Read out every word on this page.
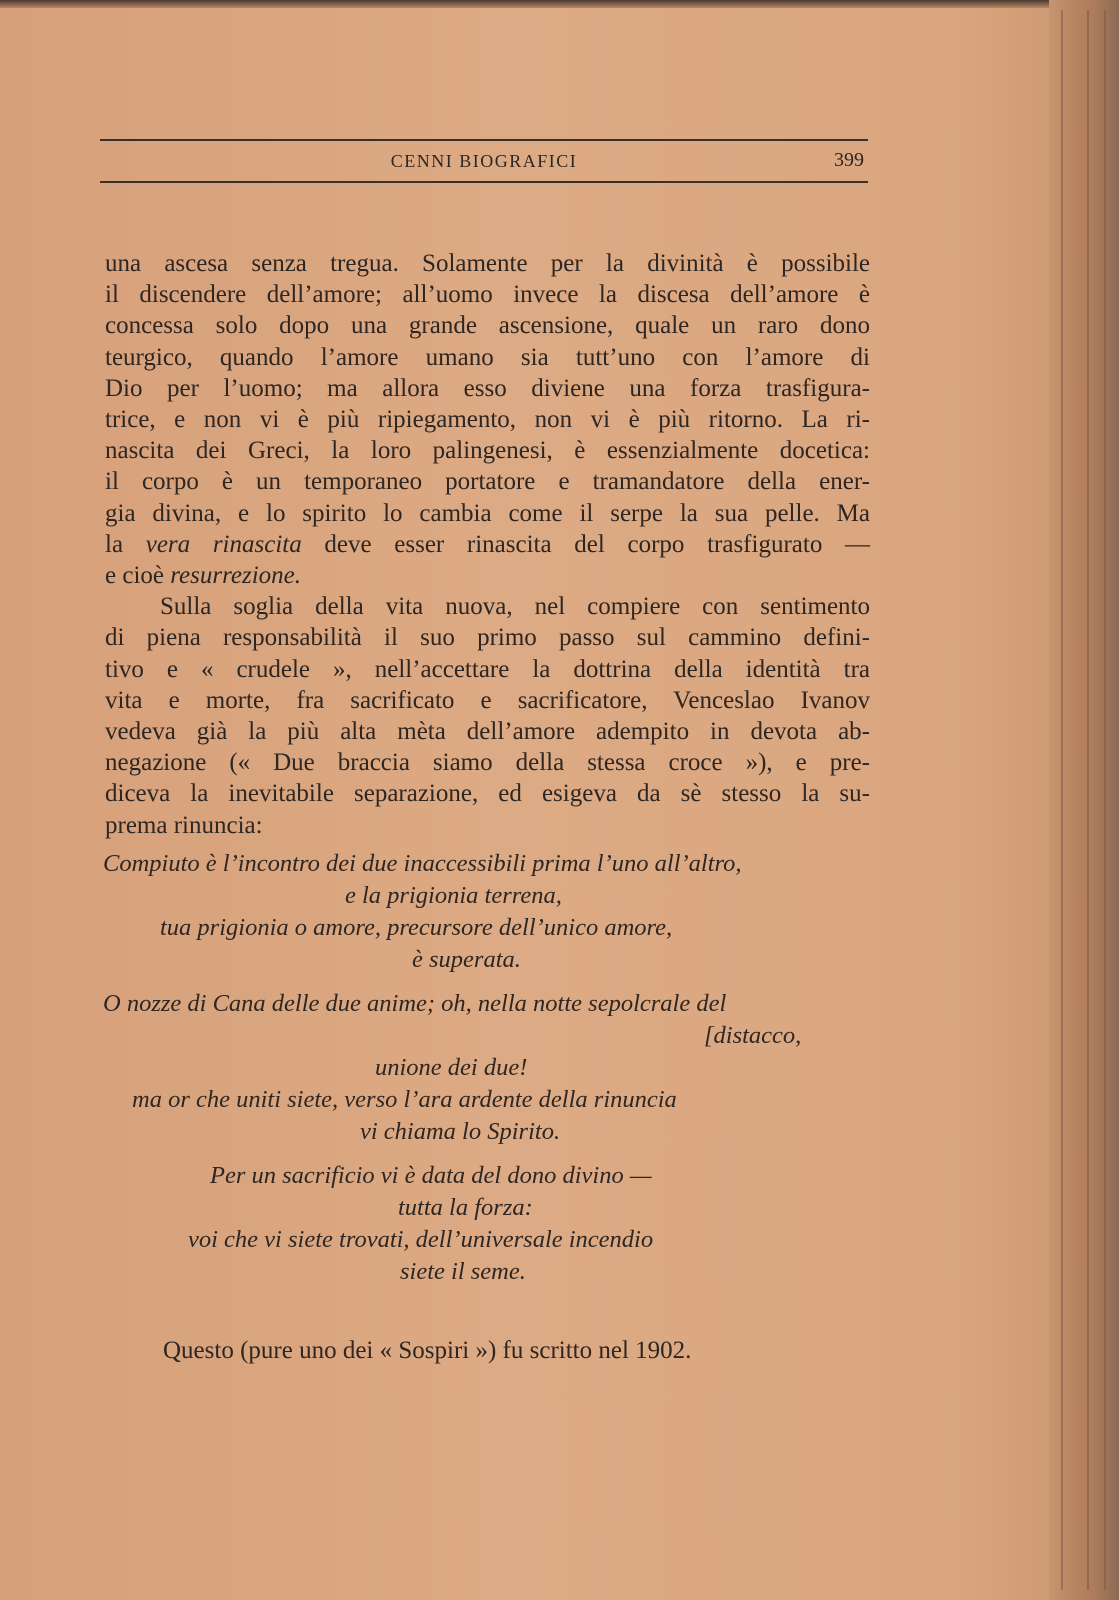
CENNI BIOGRAFICI	399
una ascesa senza tregua. Solamente per la divinità è possibile
il discendere dell’amore; all’uomo invece la discesa dell’amore è
concessa solo dopo una grande ascensione, quale un raro dono
teurgico, quando l’amore umano sia tutt’uno con l’amore di
Dio per l’uomo; ma allora esso diviene una forza trasfigura-
trice, e non vi è più ripiegamento, non vi è più ritorno. La ri-
nascita dei Greci, la loro palingenesi, è essenzialmente docetica:
il corpo è un temporaneo portatore e tramandatore della ener-
gia divina, e lo spirito lo cambia come il serpe la sua pelle. Ma
la vera rinascita deve esser rinascita del corpo trasfigurato —
e cioè resurrezione.
Sulla soglia della vita nuova, nel compiere con sentimento
di piena responsabilità il suo primo passo sul cammino defini-
tivo e « crudele », nell’accettare la dottrina della identità tra
vita e morte, fra sacrificato e sacrificatore, Venceslao Ivanov
vedeva già la più alta mèta dell’amore adempito in devota ab-
negazione (« Due braccia siamo della stessa croce »), e pre-
diceva la inevitabile separazione, ed esigeva da sè stesso la su-
prema rinuncia:
Compiuto è l’incontro dei due inaccessibili prima l’uno all’altro,
e la prigionia terrena,
tua prigionia o amore, precursore dell’unico amore,
è superata.
O nozze di Cana delle due anime; oh, nella notte sepolcrale del
[distacco,
unione dei due!
ma or che uniti siete, verso l’ara ardente della rinuncia
vi chiama lo Spirito.
Per un sacrificio vi è data del dono divino —
tutta la forza:
voi che vi siete trovati, dell’universale incendio
siete il seme.
Questo (pure uno dei « Sospiri ») fu scritto nel 1902.
